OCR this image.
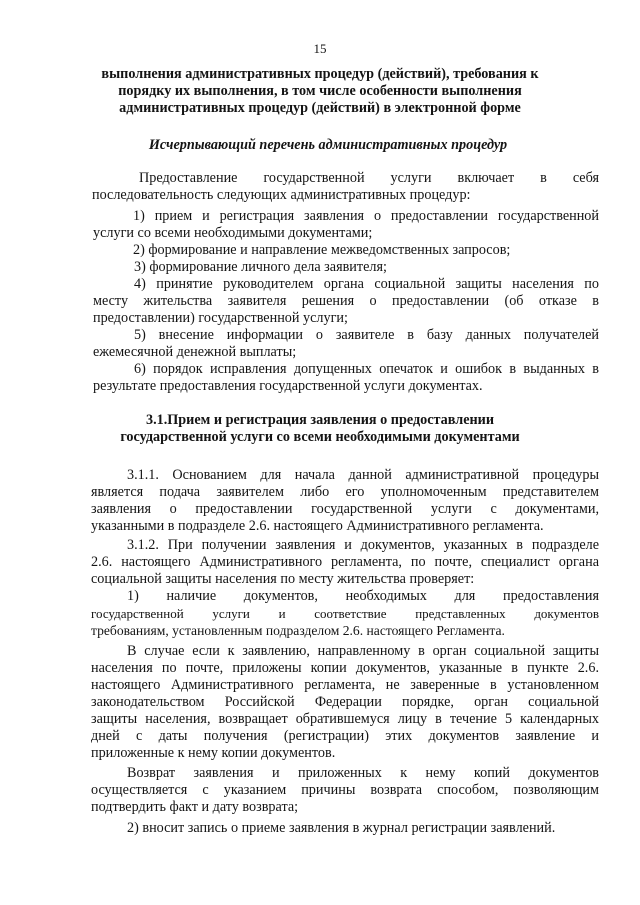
15

выполнения административных процедур (действий), требования к

порядку их выполнения, в том числе особенности выполнения

административных процедур (действий) в электронной форме

Исчерпывающий перечень административных процедур

Предоставление государственной услуги включает в себя

последовательность следующих административных процедур:

1) прием и регистрация заявления о предоставлении государственной

услуги со всеми необходимыми документами;

2) формирование и направление межведомственных запросов;

3) формирование личного дела заявителя;

4) принятие руководителем органа социальной защиты населения по

месту жительства заявителя решения о предоставлении (об отказе в

предоставлении) государственной услуги;

5) внесение информации о заявителе в базу данных получателей

ежемесячной денежной выплаты;

6) порядок исправления допущенных опечаток и ошибок в выданных в

результате предоставления государственной услуги документах.

3.1.Прием и регистрация заявления о предоставлении

государственной услуги со всеми необходимыми документами

3.1.1. Основанием для начала данной административной процедуры

является подача заявителем либо его уполномоченным представителем

заявления о предоставлении государственной услуги с документами,

указанными в подразделе 2.6. настоящего Административного регламента.

3.1.2. При получении заявления и документов, указанных в подразделе

2.6. настоящего Административного регламента, по почте, специалист органа

социальной защиты населения по месту жительства проверяет:

1) наличие документов, необходимых для предоставления

государственной услуги и соответствие представленных документов

требованиям, установленным подразделом 2.6. настоящего Регламента.

В случае если к заявлению, направленному в орган социальной защиты

населения по почте, приложены копии документов, указанные в пункте 2.6.

настоящего Административного регламента, не заверенные в установленном

законодательством Российской Федерации порядке, орган социальной

защиты населения, возвращает обратившемуся лицу в течение 5 календарных

дней с даты получения (регистрации) этих документов заявление и

приложенные к нему копии документов.

Возврат заявления и приложенных к нему копий документов

осуществляется с указанием причины возврата способом, позволяющим

подтвердить факт и дату возврата;

2) вносит запись о приеме заявления в журнал регистрации заявлений.
